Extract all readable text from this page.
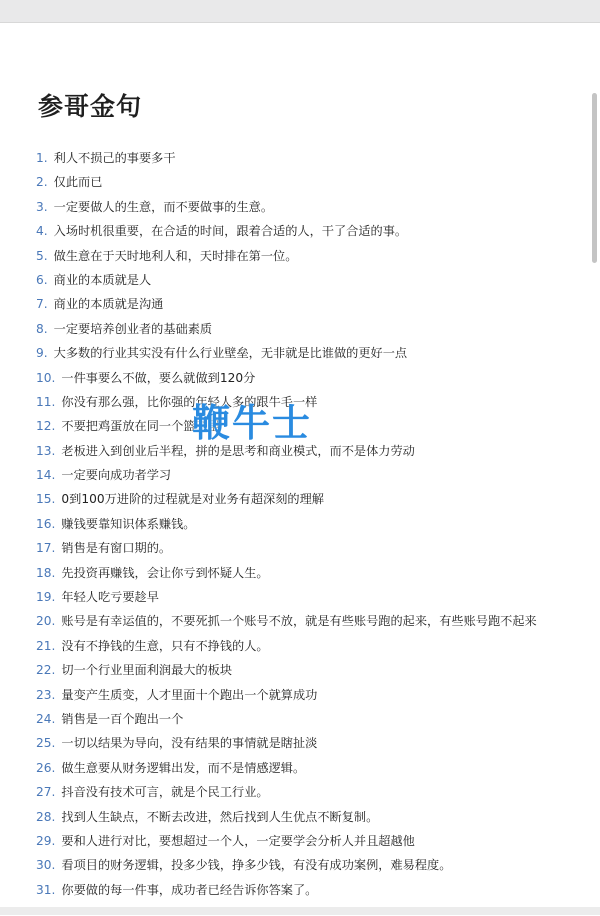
参哥金句
1. 利人不损己的事要多干
2. 仅此而已
3. 一定要做人的生意，而不要做事的生意。
4. 入场时机很重要，在合适的时间，跟着合适的人，干了合适的事。
5. 做生意在于天时地利人和，天时排在第一位。
6. 商业的本质就是人
7. 商业的本质就是沟通
8. 一定要培养创业者的基础素质
9. 大多数的行业其实没有什么行业壁垒，无非就是比谁做的更好一点
10. 一件事要么不做，要么就做到120分
11. 你没有那么强，比你强的年轻人多的跟牛毛一样
12. 不要把鸡蛋放在同一个篮子里
13. 老板进入到创业后半程，拼的是思考和商业模式，而不是体力劳动
14. 一定要向成功者学习
15. 0到100万进阶的过程就是对业务有超深刻的理解
16. 赚钱要靠知识体系赚钱。
17. 销售是有窗口期的。
18. 先投资再赚钱，会让你亏到怀疑人生。
19. 年轻人吃亏要趁早
20. 账号是有幸运值的，不要死抓一个账号不放，就是有些账号跑的起来，有些账号跑不起来
21. 没有不挣钱的生意，只有不挣钱的人。
22. 切一个行业里面利润最大的板块
23. 量变产生质变，人才里面十个跑出一个就算成功
24. 销售是一百个跑出一个
25. 一切以结果为导向，没有结果的事情就是瞎扯淡
26. 做生意要从财务逻辑出发，而不是情感逻辑。
27. 抖音没有技术可言，就是个民工行业。
28. 找到人生缺点，不断去改进，然后找到人生优点不断复制。
29. 要和人进行对比，要想超过一个人，一定要学会分析人并且超越他
30. 看项目的财务逻辑，投多少钱，挣多少钱，有没有成功案例，难易程度。
31. 你要做的每一件事，成功者已经告诉你答案了。
鞭牛士
